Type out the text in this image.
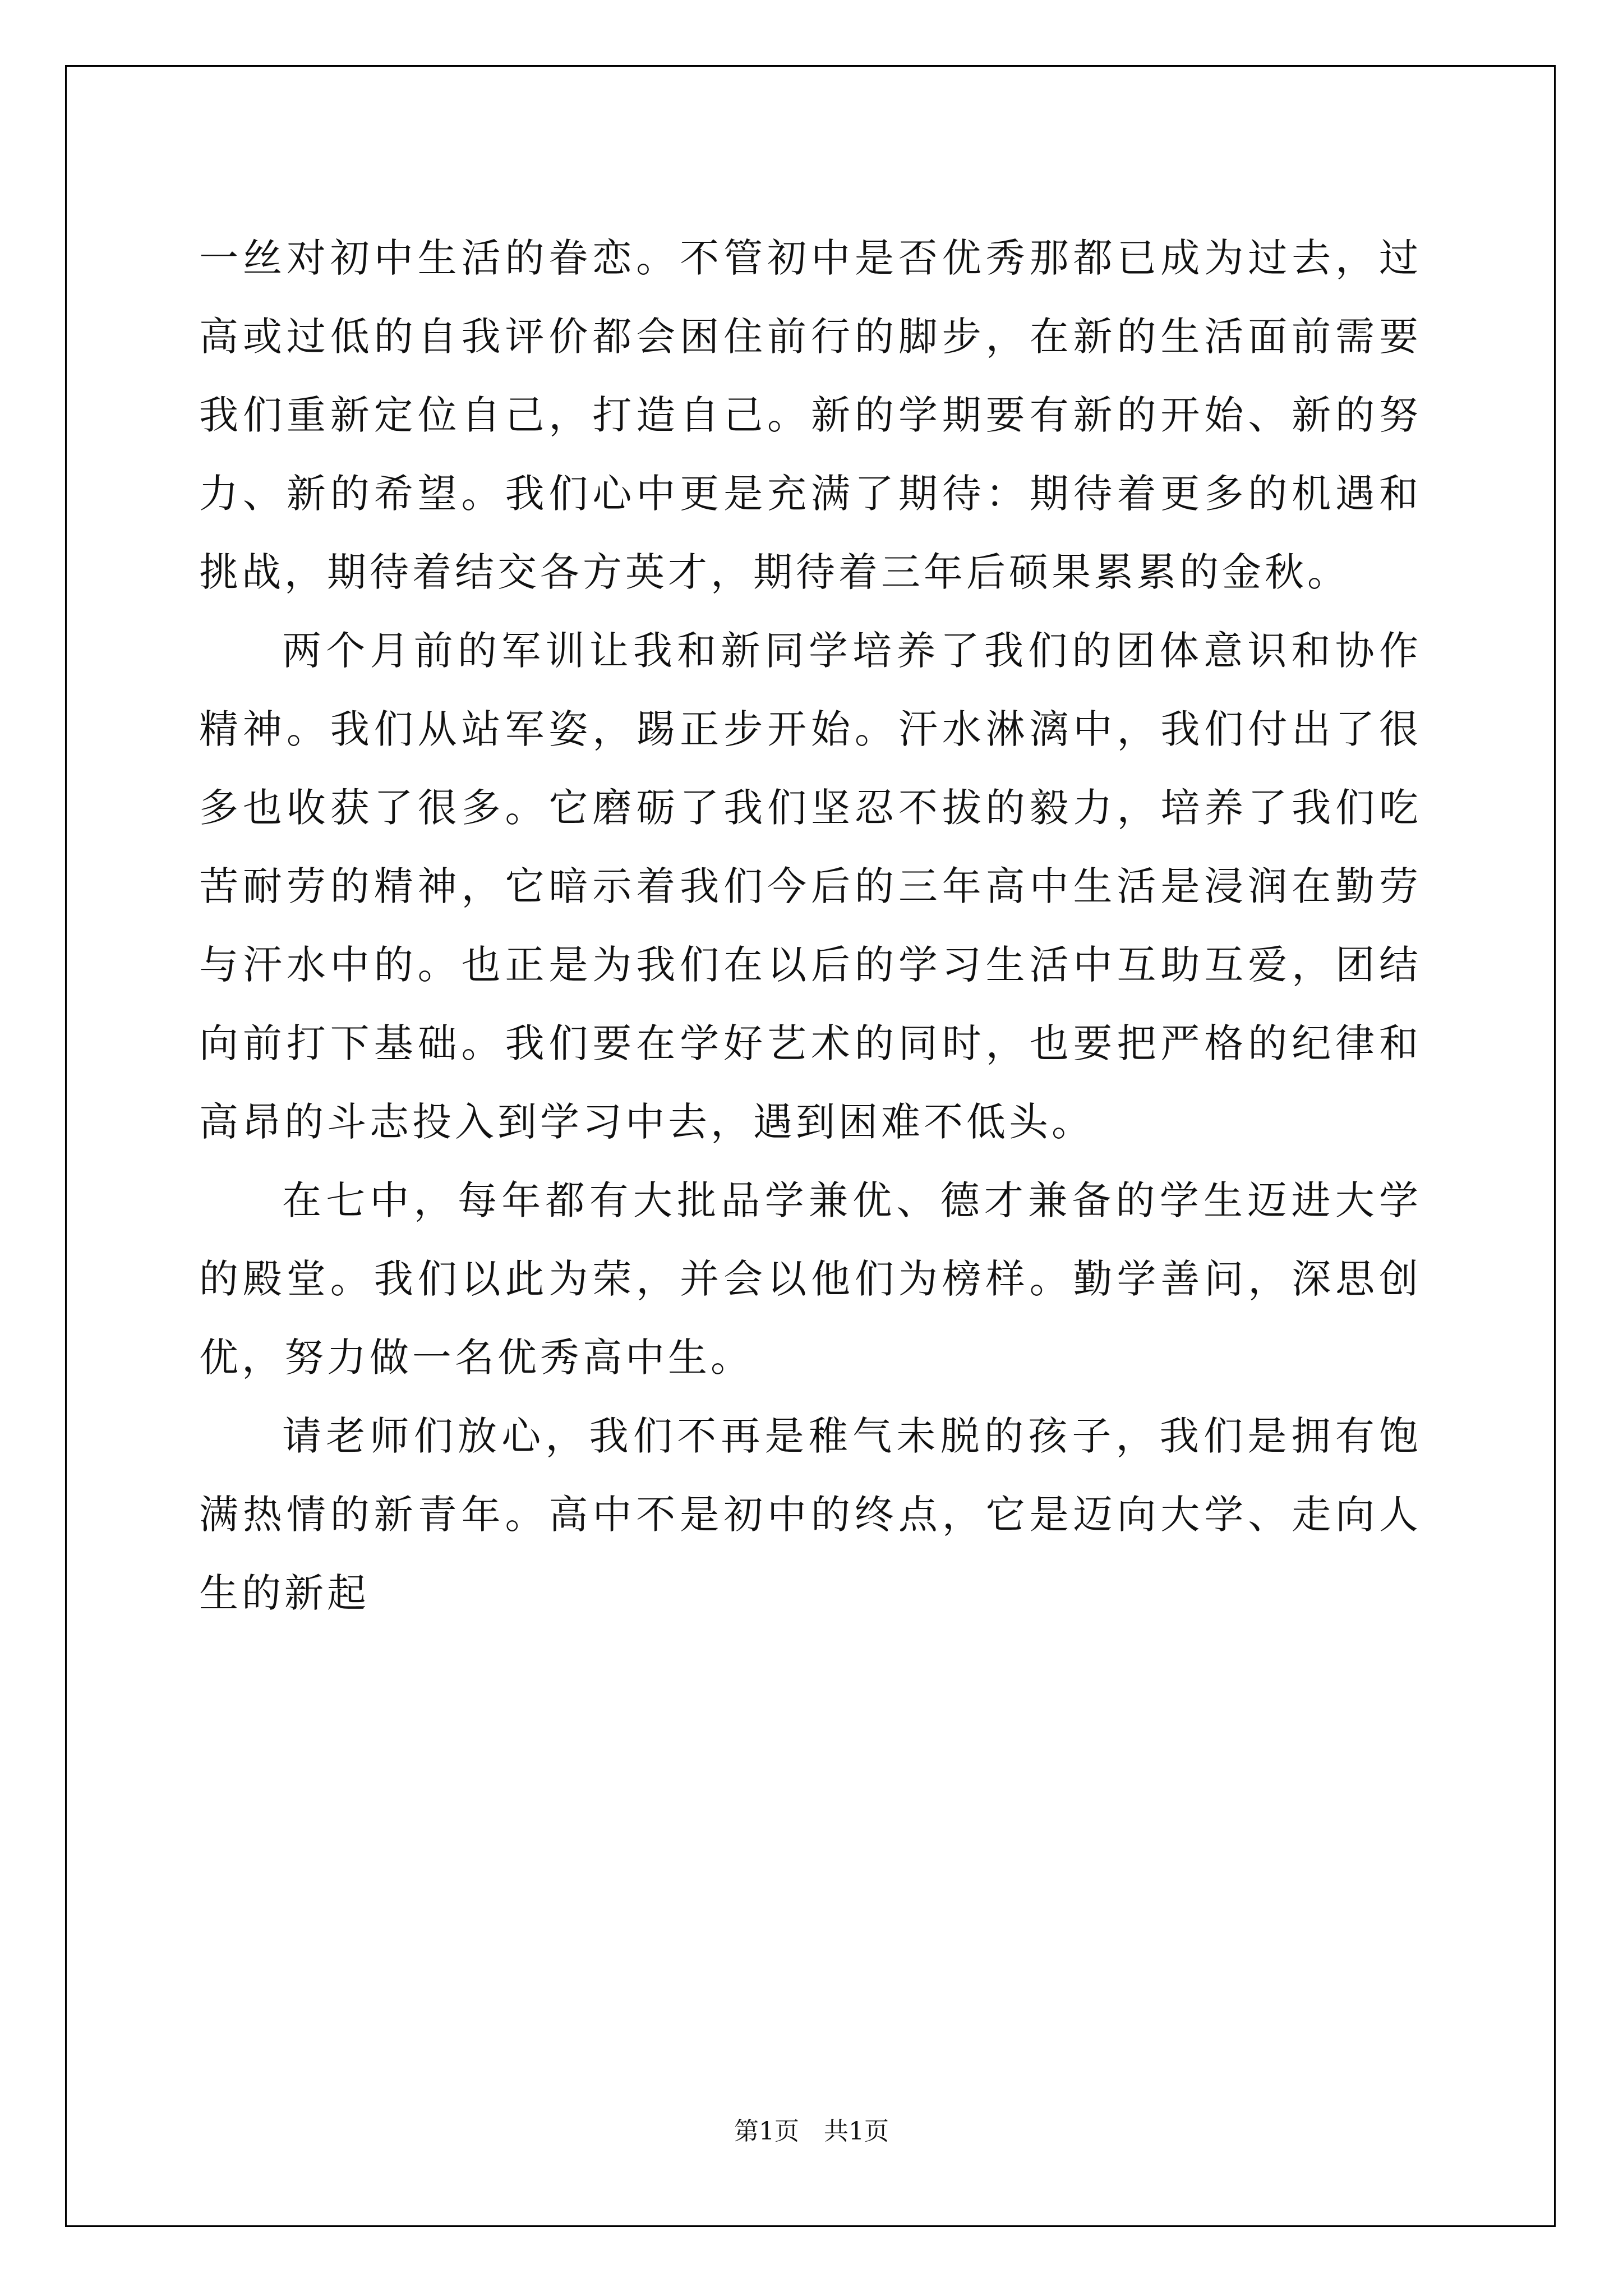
一丝对初中生活的眷恋。不管初中是否优秀那都已成为过去，过高或过低的自我评价都会困住前行的脚步，在新的生活面前需要我们重新定位自己，打造自己。新的学期要有新的开始、新的努力、新的希望。我们心中更是充满了期待：期待着更多的机遇和挑战，期待着结交各方英才，期待着三年后硕果累累的金秋。

两个月前的军训让我和新同学培养了我们的团体意识和协作精神。我们从站军姿，踢正步开始。汗水淋漓中，我们付出了很多也收获了很多。它磨砺了我们坚忍不拔的毅力，培养了我们吃苦耐劳的精神，它暗示着我们今后的三年高中生活是浸润在勤劳与汗水中的。也正是为我们在以后的学习生活中互助互爱，团结向前打下基础。我们要在学好艺术的同时，也要把严格的纪律和高昂的斗志投入到学习中去，遇到困难不低头。

在七中，每年都有大批品学兼优、德才兼备的学生迈进大学的殿堂。我们以此为荣，并会以他们为榜样。勤学善问，深思创优，努力做一名优秀高中生。

请老师们放心，我们不再是稚气未脱的孩子，我们是拥有饱满热情的新青年。高中不是初中的终点，它是迈向大学、走向人生的新起

第1页　共1页
